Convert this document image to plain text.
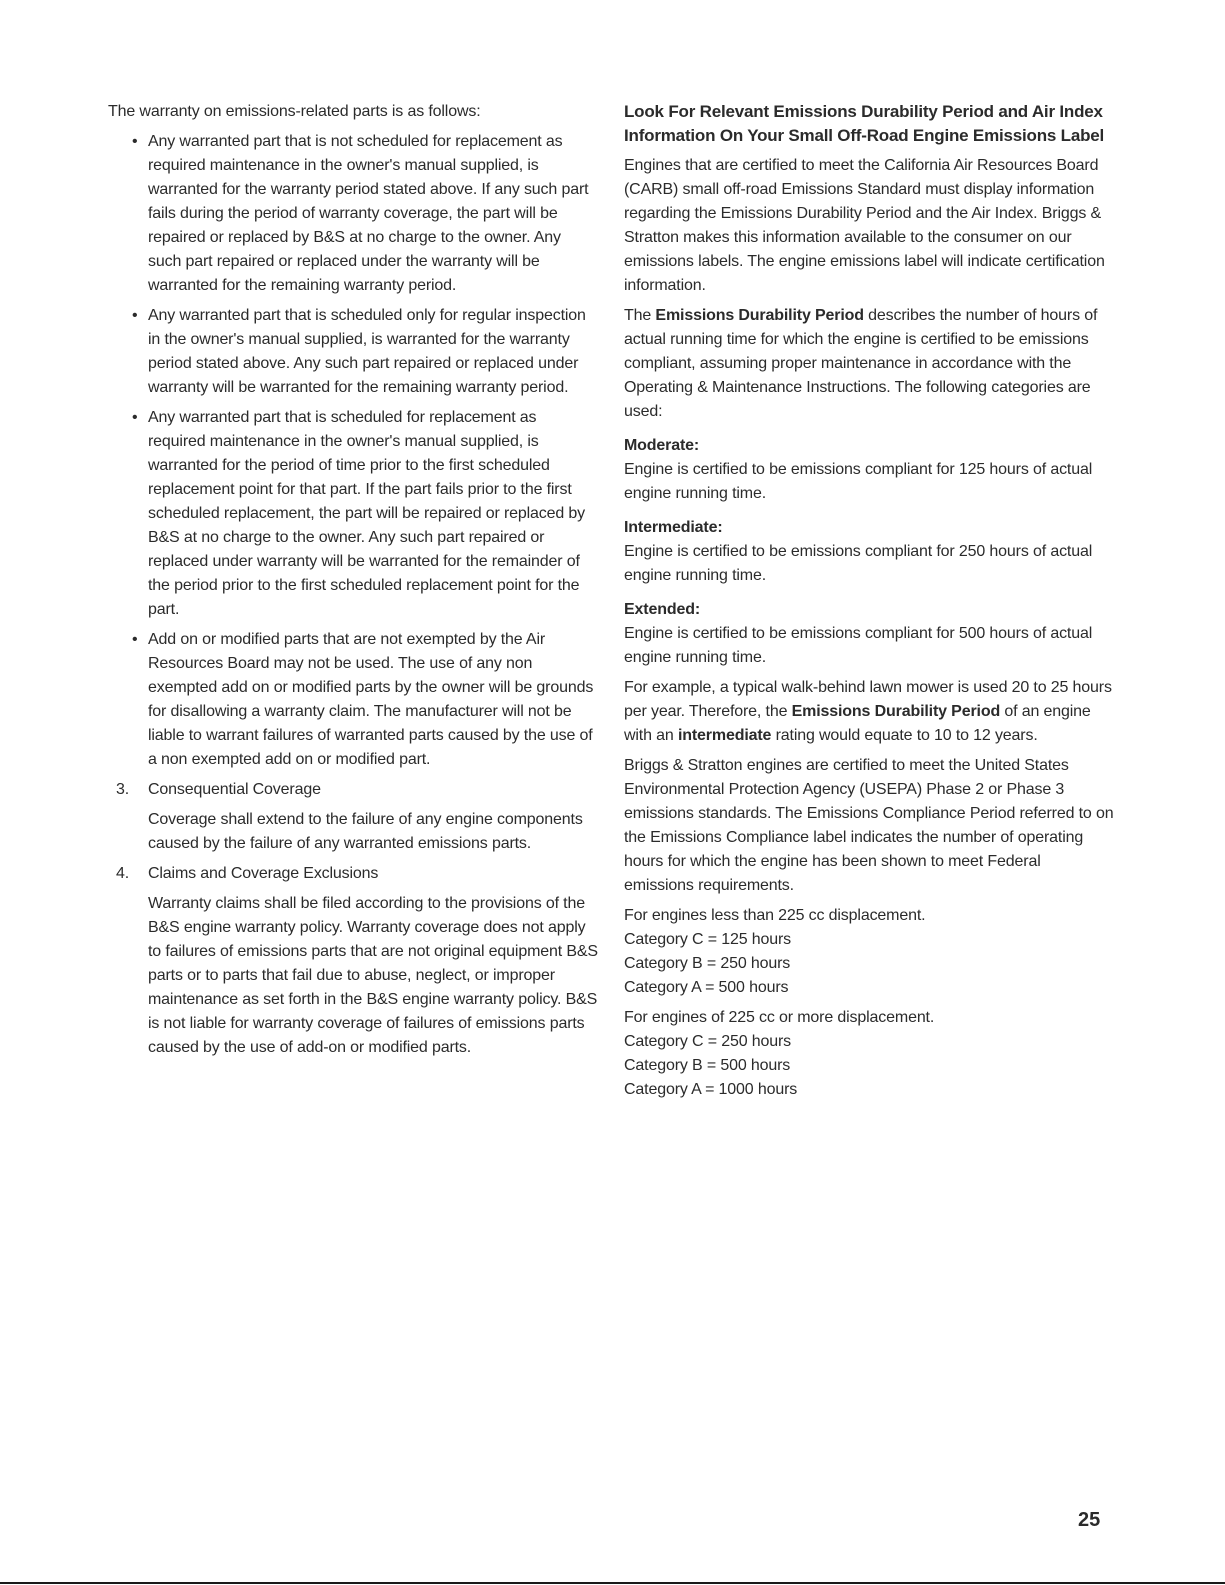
The warranty on emissions-related parts is as follows:

• Any warranted part that is not scheduled for replacement as required maintenance in the owner's manual supplied, is warranted for the warranty period stated above. If any such part fails during the period of warranty coverage, the part will be repaired or replaced by B&S at no charge to the owner. Any such part repaired or replaced under the warranty will be warranted for the remaining warranty period.
• Any warranted part that is scheduled only for regular inspection in the owner's manual supplied, is warranted for the warranty period stated above. Any such part repaired or replaced under warranty will be warranted for the remaining warranty period.
• Any warranted part that is scheduled for replacement as required maintenance in the owner's manual supplied, is warranted for the period of time prior to the first scheduled replacement point for that part. If the part fails prior to the first scheduled replacement, the part will be repaired or replaced by B&S at no charge to the owner. Any such part repaired or replaced under warranty will be warranted for the remainder of the period prior to the first scheduled replacement point for the part.
• Add on or modified parts that are not exempted by the Air Resources Board may not be used. The use of any non exempted add on or modified parts by the owner will be grounds for disallowing a warranty claim. The manufacturer will not be liable to warrant failures of warranted parts caused by the use of a non exempted add on or modified part.
3. Consequential Coverage

Coverage shall extend to the failure of any engine components caused by the failure of any warranted emissions parts.

4. Claims and Coverage Exclusions

Warranty claims shall be filed according to the provisions of the B&S engine warranty policy. Warranty coverage does not apply to failures of emissions parts that are not original equipment B&S parts or to parts that fail due to abuse, neglect, or improper maintenance as set forth in the B&S engine warranty policy. B&S is not liable for warranty coverage of failures of emissions parts caused by the use of add-on or modified parts.

Look For Relevant Emissions Durability Period and Air Index Information On Your Small Off-Road Engine Emissions Label

Engines that are certified to meet the California Air Resources Board (CARB) small off-road Emissions Standard must display information regarding the Emissions Durability Period and the Air Index. Briggs & Stratton makes this information available to the consumer on our emissions labels. The engine emissions label will indicate certification information.

The Emissions Durability Period describes the number of hours of actual running time for which the engine is certified to be emissions compliant, assuming proper maintenance in accordance with the Operating & Maintenance Instructions. The following categories are used:

Moderate:

Engine is certified to be emissions compliant for 125 hours of actual engine running time.

Intermediate:

Engine is certified to be emissions compliant for 250 hours of actual engine running time.

Extended:

Engine is certified to be emissions compliant for 500 hours of actual engine running time.

For example, a typical walk-behind lawn mower is used 20 to 25 hours per year. Therefore, the Emissions Durability Period of an engine with an intermediate rating would equate to 10 to 12 years.

Briggs & Stratton engines are certified to meet the United States Environmental Protection Agency (USEPA) Phase 2 or Phase 3 emissions standards. The Emissions Compliance Period referred to on the Emissions Compliance label indicates the number of operating hours for which the engine has been shown to meet Federal emissions requirements.

For engines less than 225 cc displacement.

Category C = 125 hours

Category B = 250 hours

Category A = 500 hours

For engines of 225 cc or more displacement.

Category C = 250 hours

Category B = 500 hours

Category A = 1000 hours

25
